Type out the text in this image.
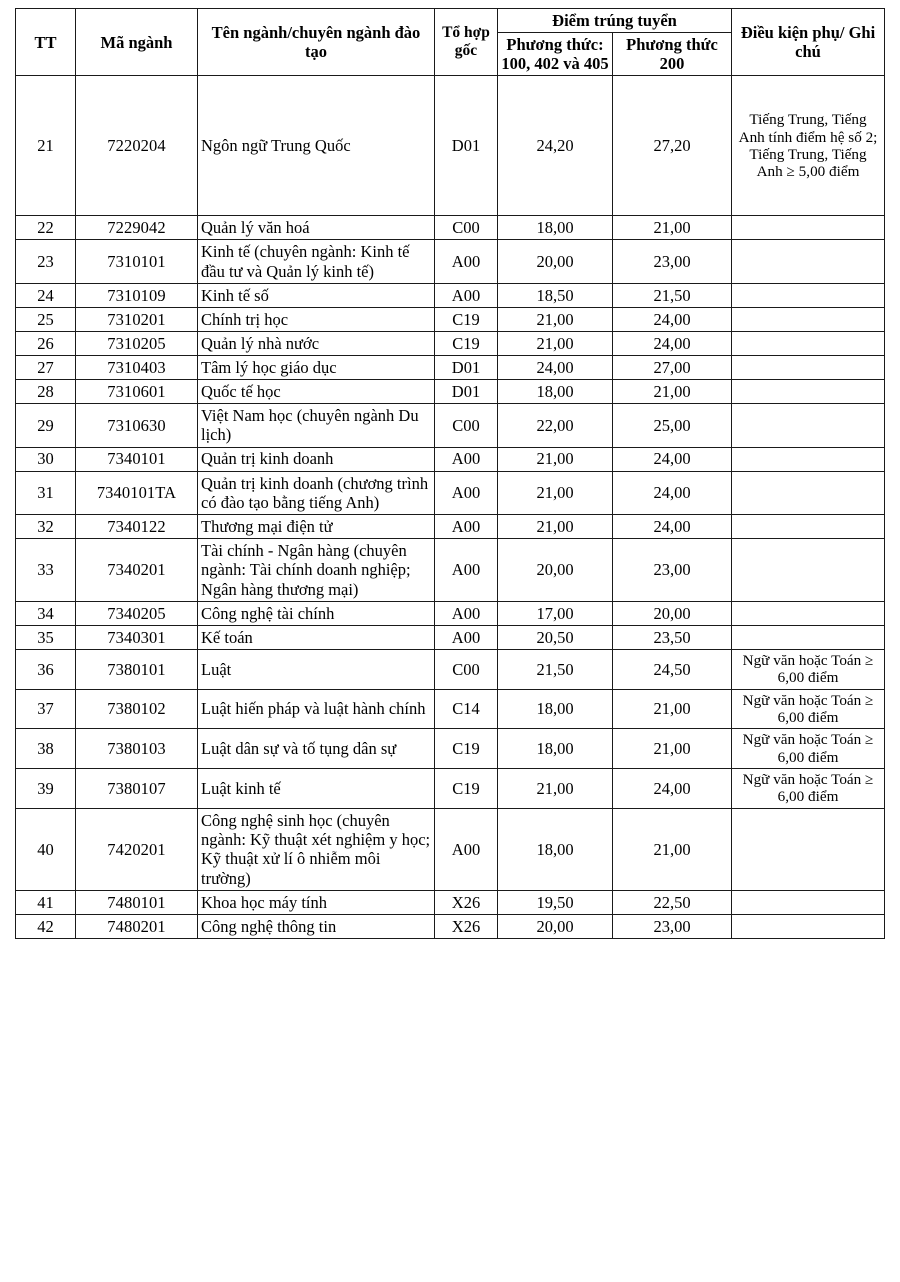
TT	Mã ngành	Tên ngành/chuyên ngành đào tạo	Tổ hợp gốc	Điểm trúng tuyển		Điều kiện phụ/ Ghi chú
				Phương thức: 100, 402 và 405	Phương thức 200	
21	7220204	Ngôn ngữ Trung Quốc	D01	24,20	27,20	Tiếng Trung, Tiếng Anh tính điểm hệ số 2; Tiếng Trung, Tiếng Anh ≥ 5,00 điểm
22	7229042	Quản lý văn hoá	C00	18,00	21,00	
23	7310101	Kinh tế (chuyên ngành: Kinh tế đầu tư và Quản lý kinh tế)	A00	20,00	23,00	
24	7310109	Kinh tế số	A00	18,50	21,50	
25	7310201	Chính trị học	C19	21,00	24,00	
26	7310205	Quản lý nhà nước	C19	21,00	24,00	
27	7310403	Tâm lý học giáo dục	D01	24,00	27,00	
28	7310601	Quốc tế học	D01	18,00	21,00	
29	7310630	Việt Nam học (chuyên ngành Du lịch)	C00	22,00	25,00	
30	7340101	Quản trị kinh doanh	A00	21,00	24,00	
31	7340101TA	Quản trị kinh doanh (chương trình có đào tạo bằng tiếng Anh)	A00	21,00	24,00	
32	7340122	Thương mại điện tử	A00	21,00	24,00	
33	7340201	Tài chính - Ngân hàng (chuyên ngành: Tài chính doanh nghiệp; Ngân hàng thương mại)	A00	20,00	23,00	
34	7340205	Công nghệ tài chính	A00	17,00	20,00	
35	7340301	Kế toán	A00	20,50	23,50	
36	7380101	Luật	C00	21,50	24,50	Ngữ văn hoặc Toán ≥ 6,00 điểm
37	7380102	Luật hiến pháp và luật hành chính	C14	18,00	21,00	Ngữ văn hoặc Toán ≥ 6,00 điểm
38	7380103	Luật dân sự và tố tụng dân sự	C19	18,00	21,00	Ngữ văn hoặc Toán ≥ 6,00 điểm
39	7380107	Luật kinh tế	C19	21,00	24,00	Ngữ văn hoặc Toán ≥ 6,00 điểm
40	7420201	Công nghệ sinh học (chuyên ngành: Kỹ thuật xét nghiệm y học; Kỹ thuật xử lí ô nhiễm môi trường)	A00	18,00	21,00	
41	7480101	Khoa học máy tính	X26	19,50	22,50	
42	7480201	Công nghệ thông tin	X26	20,00	23,00	
